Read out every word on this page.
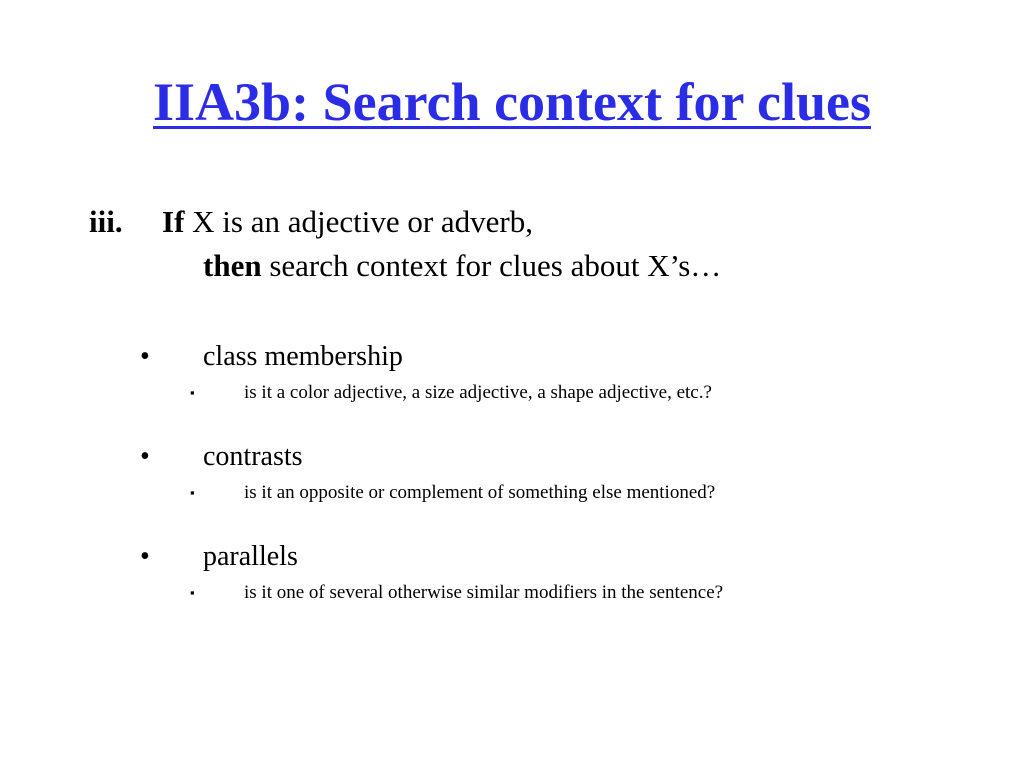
IIA3b: Search context for clues
iii. If X is an adjective or adverb,
then search context for clues about X’s…
• class membership
▪	is it a color adjective, a size adjective, a shape adjective, etc.?
• contrasts
▪	is it an opposite or complement of something else mentioned?
• parallels
▪	is it one of several otherwise similar modifiers in the sentence?
